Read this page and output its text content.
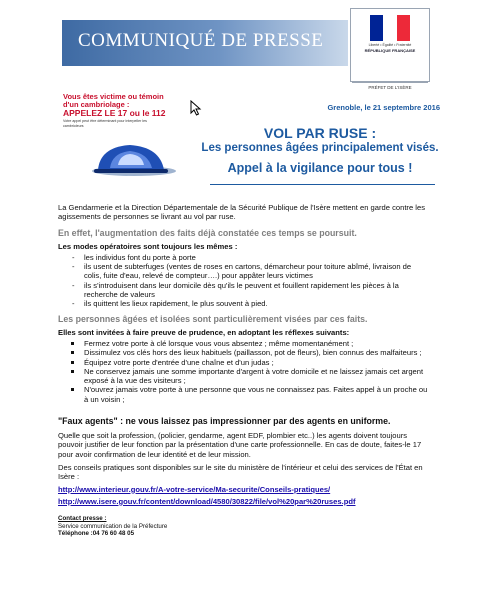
COMMUNIQUÉ DE PRESSE	Liberté • Égalité • Fraternité
RÉPUBLIQUE FRANÇAISE
PRÉFET DE L'ISÈRE
Vous êtes victime ou témoin d'un cambriolage :
APPELEZ LE 17 ou le 112
Votre appel peut être déterminant pour interpeller les cambrioleurs
Grenoble, le 21 septembre 2016
VOL PAR RUSE :
Les personnes âgées principalement visés.
Appel à la vigilance pour tous !

La Gendarmerie et la Direction Départementale de la Sécurité Publique de l'Isère mettent en garde contre les agissements de personnes se livrant au vol par ruse.

En effet, l'augmentation des faits déjà constatée ces temps se poursuit.

Les modes opératoires sont toujours les mêmes :

- les individus font du porte à porte
- ils usent de subterfuges (ventes de roses en cartons, démarcheur pour toiture abîmé, livraison de colis, fuite d'eau, relevé de compteur….) pour appâter leurs victimes
- ils s'introduisent dans leur domicile dès qu'ils le peuvent et fouillent rapidement les pièces à la recherche de valeurs
- ils quittent les lieux rapidement, le plus souvent à pied.

Les personnes âgées et isolées sont particulièrement visées par ces faits.

Elles sont invitées à faire preuve de prudence, en adoptant les réflexes suivants:

Fermez votre porte à clé lorsque vous vous absentez ; même momentanément ;
Dissimulez vos clés hors des lieux habituels (paillasson, pot de fleurs), bien connus des malfaiteurs ;
Équipez votre porte d'entrée d'une chaîne et d'un judas ;
Ne conservez jamais une somme importante d'argent à votre domicile et ne laissez jamais cet argent exposé à la vue des visiteurs ;
N'ouvrez jamais votre porte à une personne que vous ne connaissez pas. Faites appel à un proche ou à un voisin ;

"Faux agents" : ne vous laissez pas impressionner par des agents en uniforme.

Quelle que soit la profession, (policier, gendarme, agent EDF, plombier etc..) les agents doivent toujours pouvoir justifier de leur fonction par la présentation d'une carte professionnelle. En cas de doute, faites-le 17 pour avoir confirmation de leur identité et de leur mission.

Des conseils pratiques sont disponibles sur le site du ministère de l'intérieur et celui des services de l'État en Isère :

http://www.interieur.gouv.fr/A-votre-service/Ma-securite/Conseils-pratiques/
http://www.isere.gouv.fr/content/download/4580/30822/file/vol%20par%20ruses.pdf

Contact presse :
Service communication de la Préfecture
Téléphone :04 76 60 48 05
